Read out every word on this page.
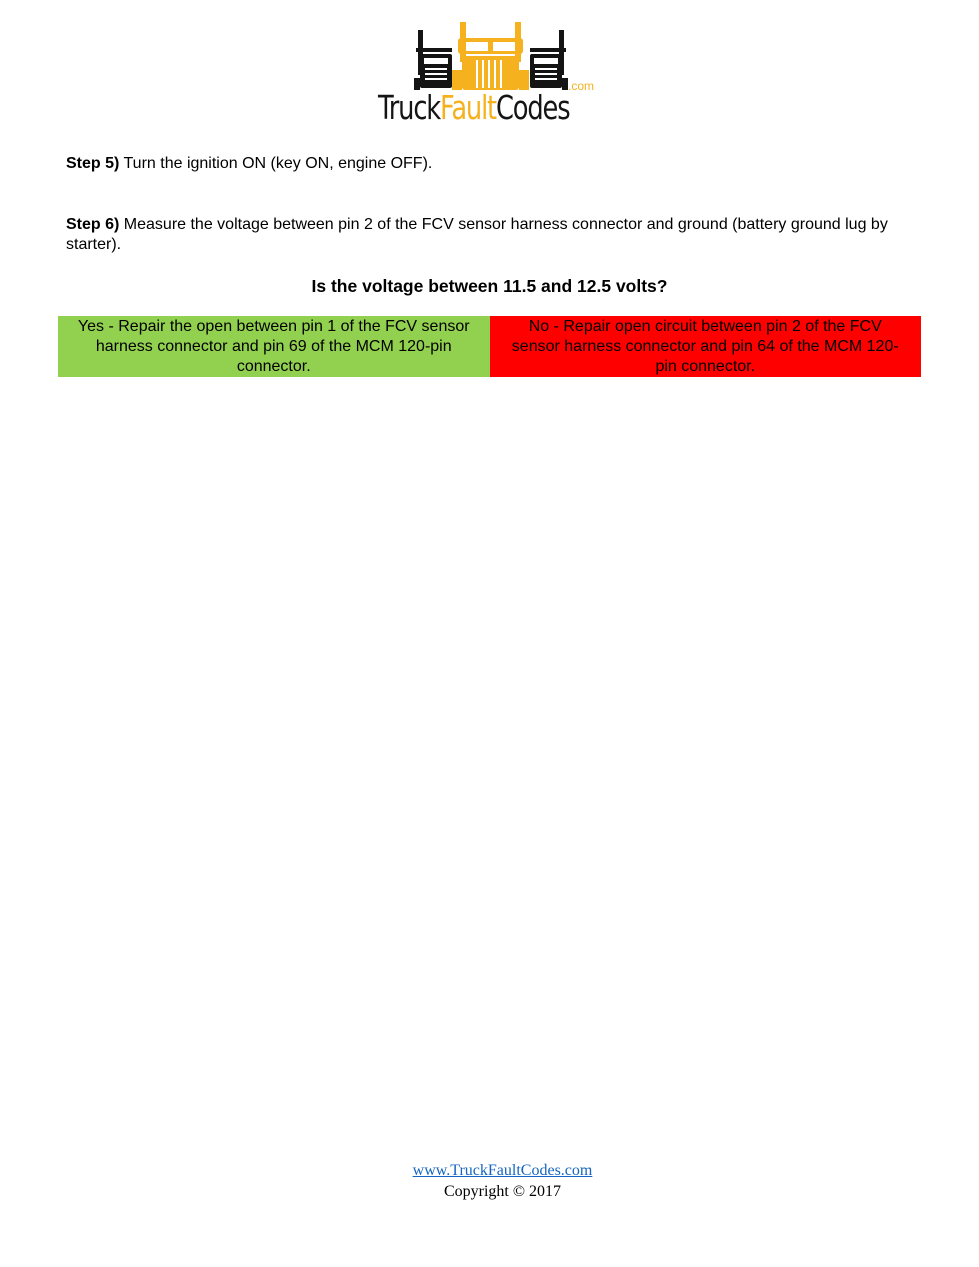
.com
TruckFaultCodes
Step 5) Turn the ignition ON (key ON, engine OFF).
Step 6) Measure the voltage between pin 2 of the FCV sensor harness connector and ground (battery ground lug by starter).
Is the voltage between 11.5 and 12.5 volts?
Yes - Repair the open between pin 1 of the FCV sensor harness connector and pin 69 of the MCM 120-pin connector.
No - Repair open circuit between pin 2 of the FCV sensor harness connector and pin 64 of the MCM 120-pin connector.
www.TruckFaultCodes.com
Copyright © 2017
